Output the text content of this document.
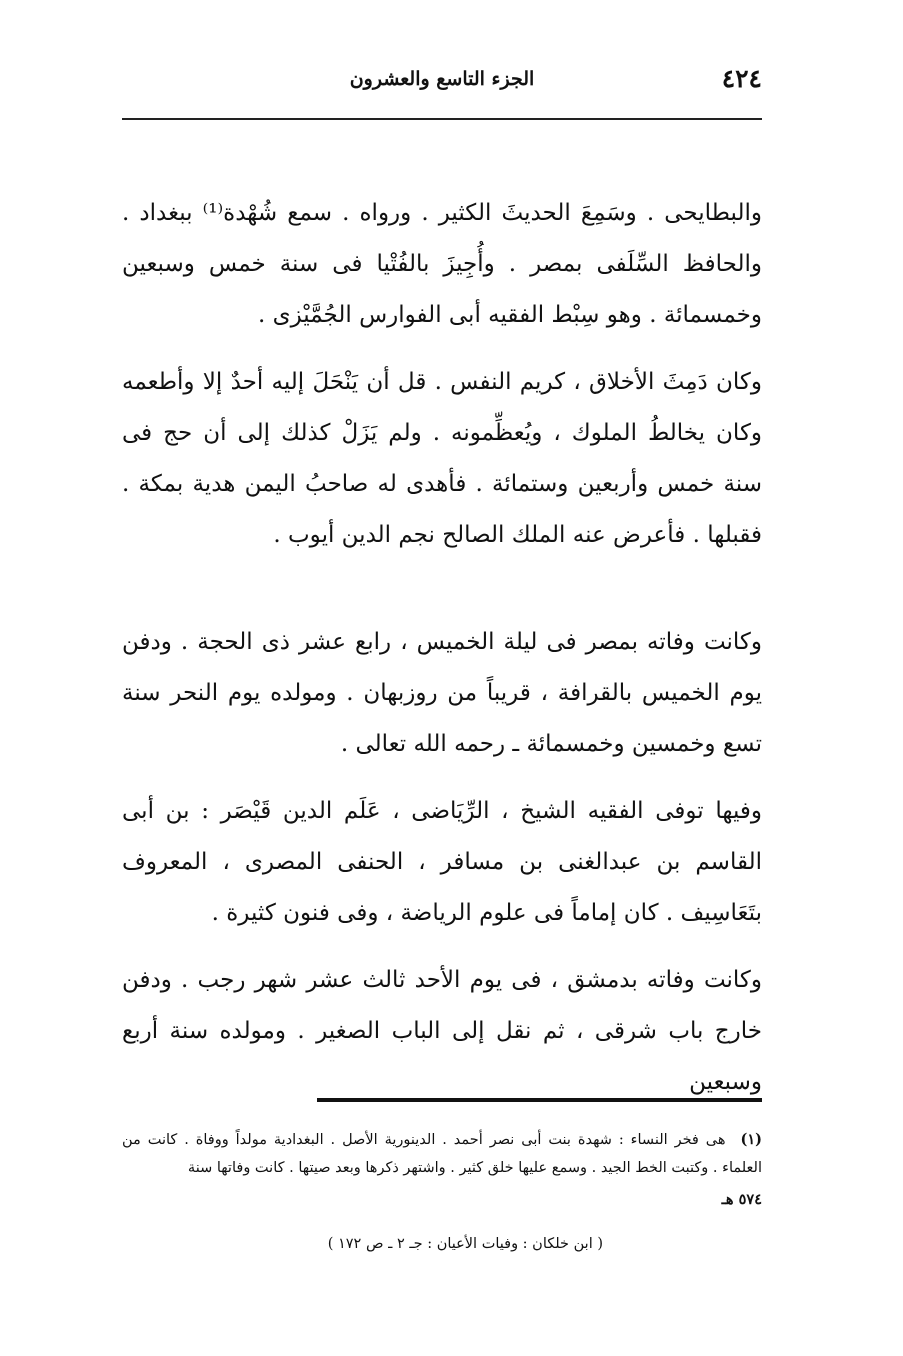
٤٢٤
الجزء التاسع والعشرون

والبطايحى . وسَمِعَ الحديثَ الكثير . ورواه . سمع شُهْدة⁽¹⁾ ببغداد . والحافظ السِّلَفى بمصر . وأُجِيزَ بالفُتْيا فى سنة خمس وسبعين وخمسمائة . وهو سِبْط الفقيه أبى الفوارس الجُمَّيْزى .

وكان دَمِثَ الأخلاق ، كريم النفس . قل أن يَنْحَلَ إليه أحدٌ إلا وأطعمه وكان يخالطُ الملوك ، ويُعظِّمونه . ولم يَزَلْ كذلك إلى أن حج فى سنة خمس وأربعين وستمائة . فأهدى له صاحبُ اليمن هدية بمكة . فقبلها . فأعرض عنه الملك الصالح نجم الدين أيوب .

وكانت وفاته بمصر فى ليلة الخميس ، رابع عشر ذى الحجة . ودفن يوم الخميس بالقرافة ، قريباً من روزبهان . ومولده يوم النحر سنة تسع وخمسين وخمسمائة ـ رحمه الله تعالى .

وفيها توفى الفقيه الشيخ ، الرِّيَاضى ، عَلَم الدين قَيْصَر : بن أبى القاسم بن عبدالغنى بن مسافر ، الحنفى المصرى ، المعروف بتَعَاسِيف . كان إماماً فى علوم الرياضة ، وفى فنون كثيرة .

وكانت وفاته بدمشق ، فى يوم الأحد ثالث عشر شهر رجب . ودفن خارج باب شرقى ، ثم نقل إلى الباب الصغير . ومولده سنة أربع وسبعين

(١) هى فخر النساء : شهدة بنت أبى نصر أحمد . الدينورية الأصل . البغدادية مولداً ووفاة . كانت من العلماء . وكتبت الخط الجيد . وسمع عليها خلق كثير . واشتهر ذكرها وبعد صيتها . كانت وفاتها سنة

٥٧٤ هـ

( ابن خلكان : وفيات الأعيان : جـ ٢ ـ ص ١٧٢ )
